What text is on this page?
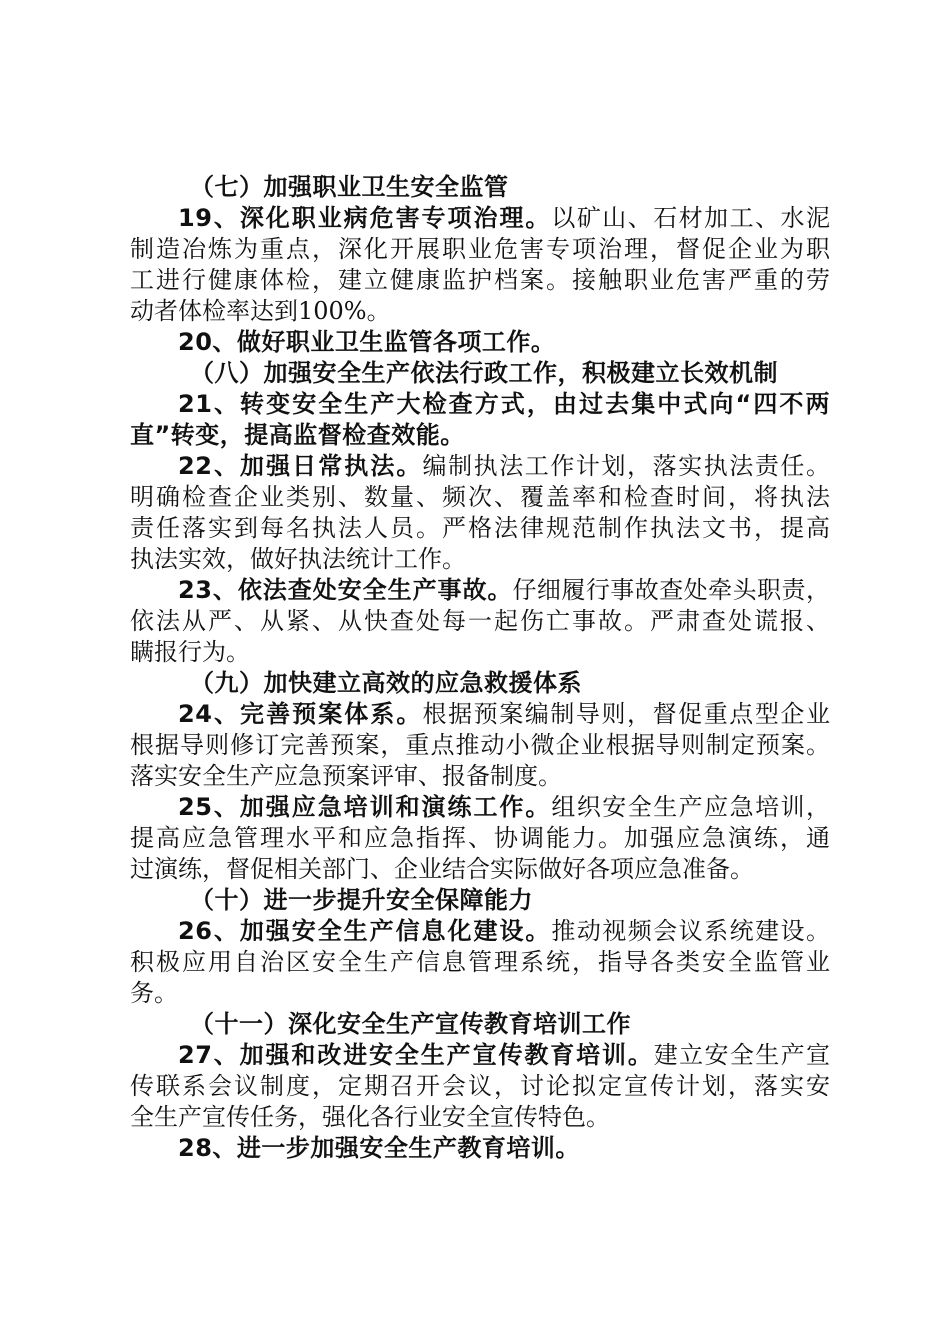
（七）加强职业卫生安全监管
19、深化职业病危害专项治理。以矿山、石材加工、水泥
制造冶炼为重点，深化开展职业危害专项治理，督促企业为职
工进行健康体检，建立健康监护档案。接触职业危害严重的劳
动者体检率达到100%。
20、做好职业卫生监管各项工作。
（八）加强安全生产依法行政工作，积极建立长效机制
21、转变安全生产大检查方式，由过去集中式向“四不两
直”转变，提高监督检查效能。
22、加强日常执法。编制执法工作计划，落实执法责任。
明确检查企业类别、数量、频次、覆盖率和检查时间，将执法
责任落实到每名执法人员。严格法律规范制作执法文书，提高
执法实效，做好执法统计工作。
23、依法查处安全生产事故。仔细履行事故查处牵头职责，
依法从严、从紧、从快查处每一起伤亡事故。严肃查处谎报、
瞒报行为。
（九）加快建立高效的应急救援体系
24、完善预案体系。根据预案编制导则，督促重点型企业
根据导则修订完善预案，重点推动小微企业根据导则制定预案。
落实安全生产应急预案评审、报备制度。
25、加强应急培训和演练工作。组织安全生产应急培训，
提高应急管理水平和应急指挥、协调能力。加强应急演练，通
过演练，督促相关部门、企业结合实际做好各项应急准备。
（十）进一步提升安全保障能力
26、加强安全生产信息化建设。推动视频会议系统建设。
积极应用自治区安全生产信息管理系统，指导各类安全监管业
务。
（十一）深化安全生产宣传教育培训工作
27、加强和改进安全生产宣传教育培训。建立安全生产宣
传联系会议制度，定期召开会议，讨论拟定宣传计划，落实安
全生产宣传任务，强化各行业安全宣传特色。
28、进一步加强安全生产教育培训。
